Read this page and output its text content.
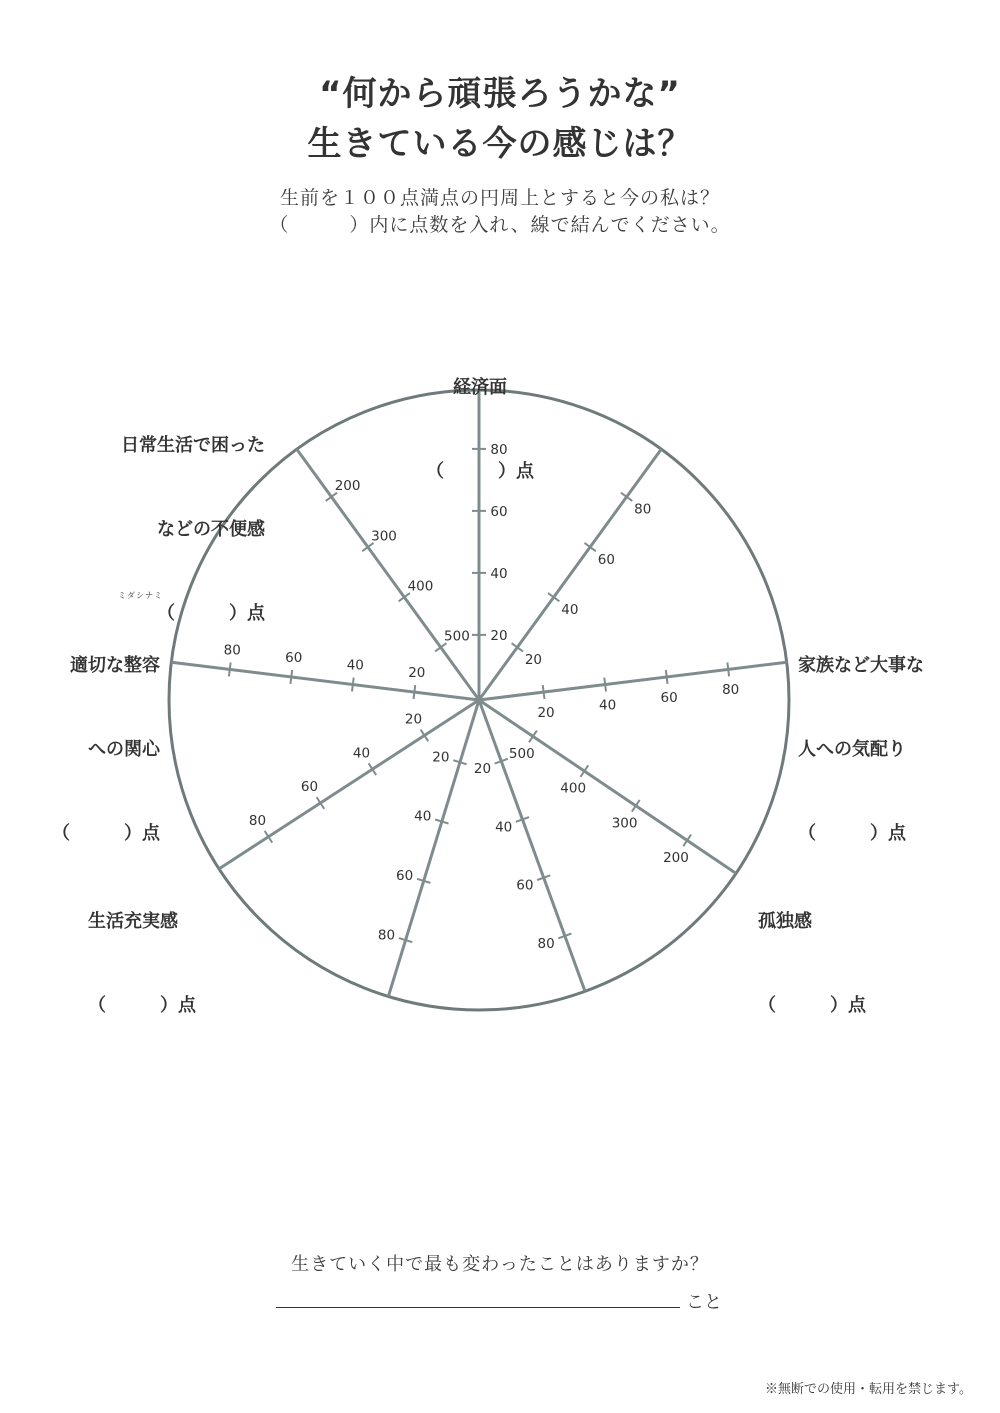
“何から頑張ろうかな”
生きている今の感じは？
生前を１００点満点の円周上とすると今の私は？
（　　　）内に点数を入れ、線で結んでください。
20
40
60
80
20
40
60
80
20	40	60	80
500
400
300
200
20
40
60
80
20
40
60
80
20
40
60
80
20
40
60
80
500
400
300
200

経済面

（　　　）点

家族など大事な

人への気配り

（　　　）点

孤独感

（　　　）点

生活充実感

（　　　）点

ミダシナミ

適切な整容

への関心

（　　　）点

日常生活で困った

などの不便感

（　　　）点

生きていく中で最も変わったことはありますか？
こと
※無断での使用・転用を禁じます。
